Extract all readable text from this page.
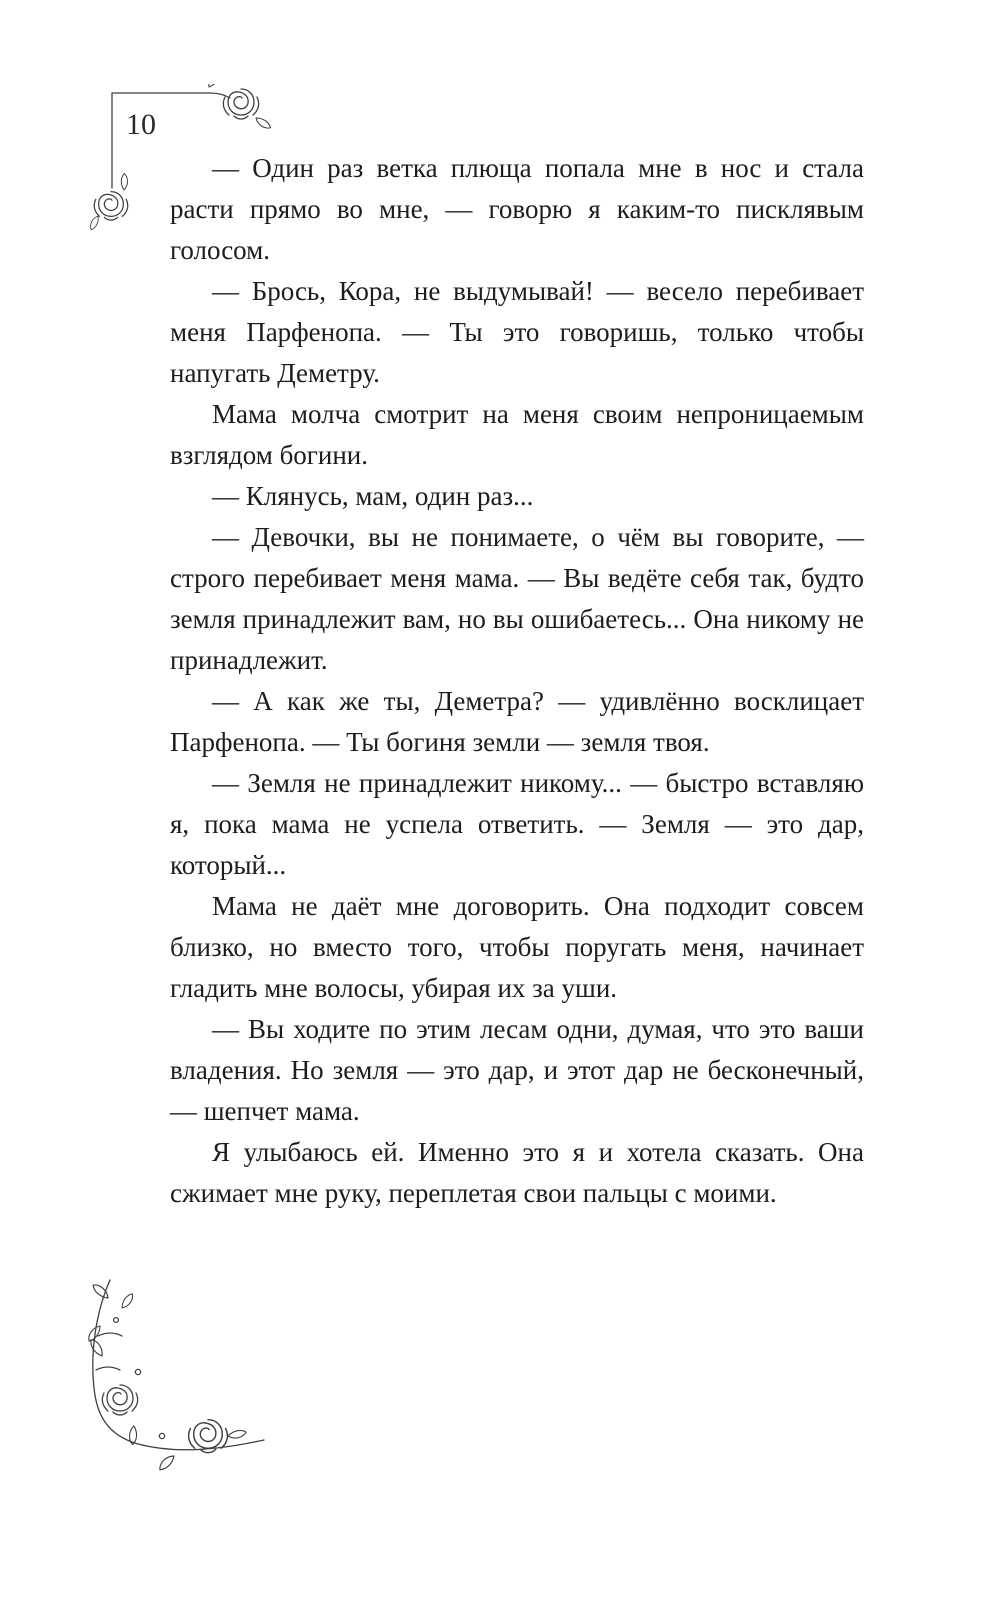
10

— Один раз ветка плюща попала мне в нос и стала расти прямо во мне, — говорю я каким-то писклявым голосом.

— Брось, Кора, не выдумывай! — весело перебивает меня Парфенопа. — Ты это говоришь, только чтобы напугать Деметру.

Мама молча смотрит на меня своим непроницаемым взглядом богини.

— Клянусь, мам, один раз...

— Девочки, вы не понимаете, о чём вы говорите, — строго перебивает меня мама. — Вы ведёте себя так, будто земля принадлежит вам, но вы ошибаетесь... Она никому не принадлежит.

— А как же ты, Деметра? — удивлённо восклицает Парфенопа. — Ты богиня земли — земля твоя.

— Земля не принадлежит никому... — быстро вставляю я, пока мама не успела ответить. — Земля — это дар, который...

Мама не даёт мне договорить. Она подходит совсем близко, но вместо того, чтобы поругать меня, начинает гладить мне волосы, убирая их за уши.

— Вы ходите по этим лесам одни, думая, что это ваши владения. Но земля — это дар, и этот дар не бесконечный, — шепчет мама.

Я улыбаюсь ей. Именно это я и хотела сказать. Она сжимает мне руку, переплетая свои пальцы с моими.
